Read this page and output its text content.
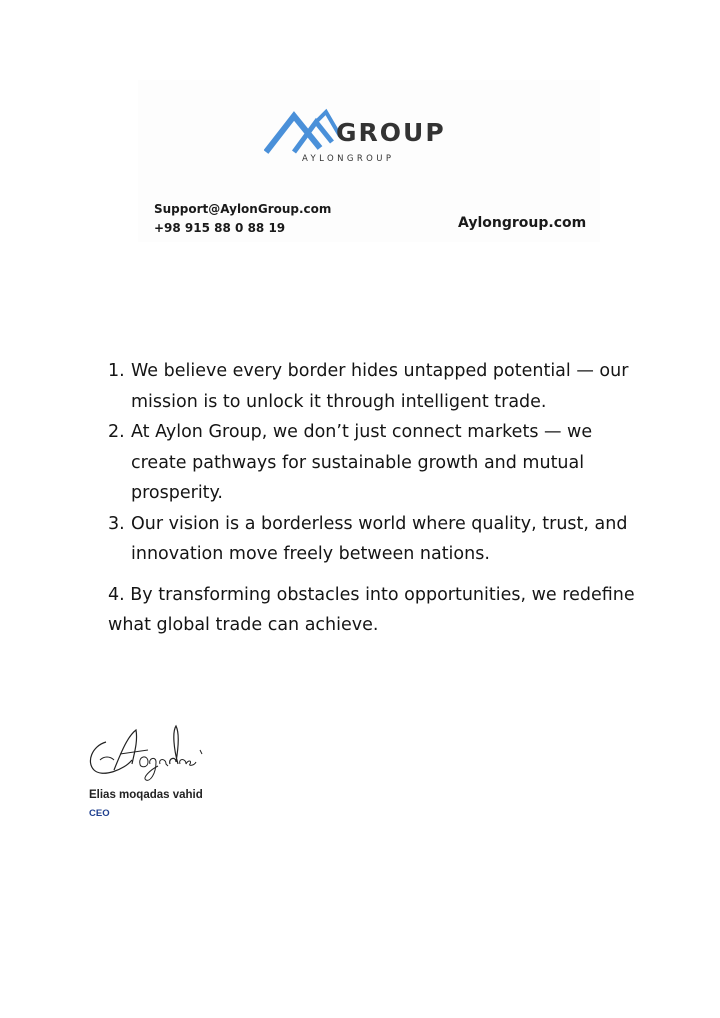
GROUP
AYLONGROUP
Support@AylonGroup.com
+98 915 88 0 88 19	Aylongroup.com
1. We believe every border hides untapped potential — our mission is to unlock it through intelligent trade.
2. At Aylon Group, we don’t just connect markets — we create pathways for sustainable growth and mutual prosperity.
3. Our vision is a borderless world where quality, trust, and innovation move freely between nations.
4. By transforming obstacles into opportunities, we redefine what global trade can achieve.
Elias moqadas vahid
CEO
